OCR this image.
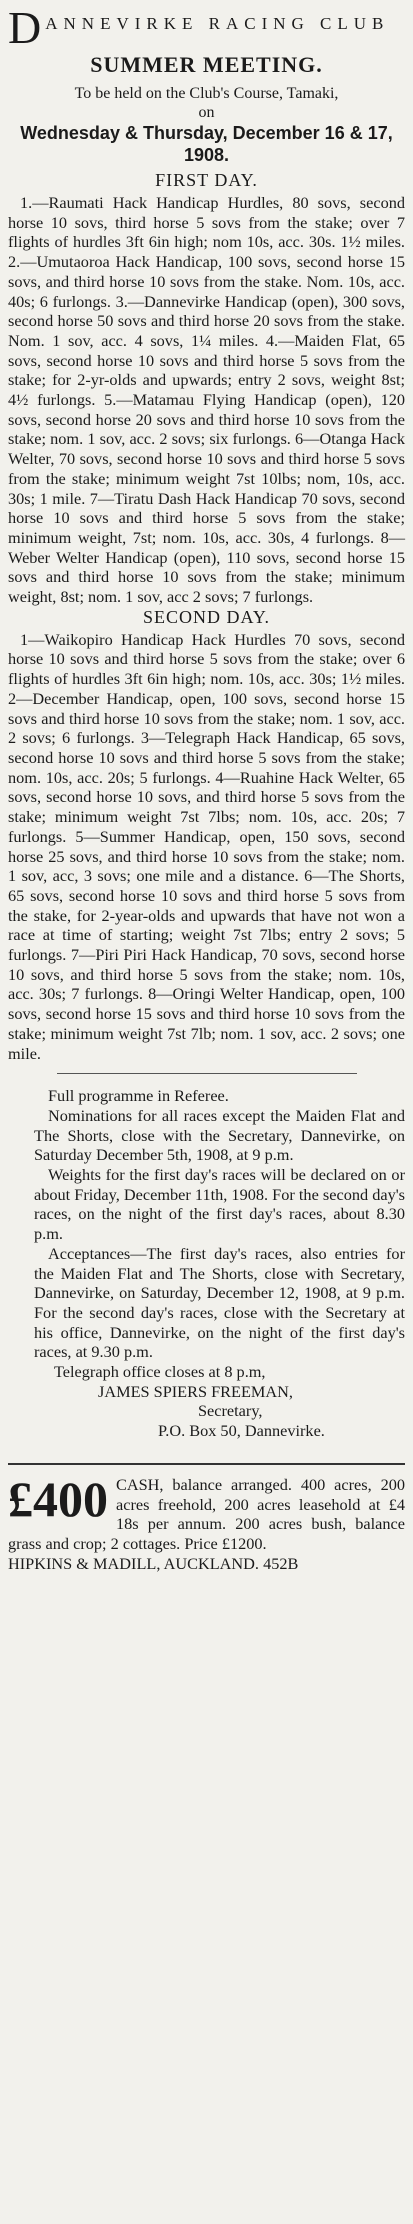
D ANNEVIRKE RACING CLUB
SUMMER MEETING.
To be held on the Club's Course, Tamaki,
on
Wednesday & Thursday, December 16 & 17, 1908.
FIRST DAY.
1.—Raumati Hack Handicap Hurdles, 80 sovs, second horse 10 sovs, third horse 5 sovs from the stake; over 7 flights of hurdles 3ft 6in high; nom 10s, acc. 30s. 1½ miles. 2.—Umutaoroa Hack Handicap, 100 sovs, second horse 15 sovs, and third horse 10 sovs from the stake. Nom. 10s, acc. 40s; 6 furlongs. 3.—Dannevirke Handicap (open), 300 sovs, second horse 50 sovs and third horse 20 sovs from the stake. Nom. 1 sov, acc. 4 sovs, 1¼ miles. 4.—Maiden Flat, 65 sovs, second horse 10 sovs and third horse 5 sovs from the stake; for 2-yr-olds and upwards; entry 2 sovs, weight 8st; 4½ furlongs. 5.—Matamau Flying Handicap (open), 120 sovs, second horse 20 sovs and third horse 10 sovs from the stake; nom. 1 sov, acc. 2 sovs; six furlongs. 6—Otanga Hack Welter, 70 sovs, second horse 10 sovs and third horse 5 sovs from the stake; minimum weight 7st 10lbs; nom, 10s, acc. 30s; 1 mile. 7—Tiratu Dash Hack Handicap 70 sovs, second horse 10 sovs and third horse 5 sovs from the stake; minimum weight, 7st; nom. 10s, acc. 30s, 4 furlongs. 8—Weber Welter Handicap (open), 110 sovs, second horse 15 sovs and third horse 10 sovs from the stake; minimum weight, 8st; nom. 1 sov, acc 2 sovs; 7 furlongs.
SECOND DAY.
1—Waikopiro Handicap Hack Hurdles 70 sovs, second horse 10 sovs and third horse 5 sovs from the stake; over 6 flights of hurdles 3ft 6in high; nom. 10s, acc. 30s; 1½ miles. 2—December Handicap, open, 100 sovs, second horse 15 sovs and third horse 10 sovs from the stake; nom. 1 sov, acc. 2 sovs; 6 furlongs. 3—Telegraph Hack Handicap, 65 sovs, second horse 10 sovs and third horse 5 sovs from the stake; nom. 10s, acc. 20s; 5 furlongs. 4—Ruahine Hack Welter, 65 sovs, second horse 10 sovs, and third horse 5 sovs from the stake; minimum weight 7st 7lbs; nom. 10s, acc. 20s; 7 furlongs. 5—Summer Handicap, open, 150 sovs, second horse 25 sovs, and third horse 10 sovs from the stake; nom. 1 sov, acc, 3 sovs; one mile and a distance. 6—The Shorts, 65 sovs, second horse 10 sovs and third horse 5 sovs from the stake, for 2-year-olds and upwards that have not won a race at time of starting; weight 7st 7lbs; entry 2 sovs; 5 furlongs. 7—Piri Piri Hack Handicap, 70 sovs, second horse 10 sovs, and third horse 5 sovs from the stake; nom. 10s, acc. 30s; 7 furlongs. 8—Oringi Welter Handicap, open, 100 sovs, second horse 15 sovs and third horse 10 sovs from the stake; minimum weight 7st 7lb; nom. 1 sov, acc. 2 sovs; one mile.
Full programme in Referee.
Nominations for all races except the Maiden Flat and The Shorts, close with the Secretary, Dannevirke, on Saturday December 5th, 1908, at 9 p.m.
Weights for the first day's races will be declared on or about Friday, December 11th, 1908. For the second day's races, on the night of the first day's races, about 8.30 p.m.
Acceptances—The first day's races, also entries for the Maiden Flat and The Shorts, close with Secretary, Dannevirke, on Saturday, December 12, 1908, at 9 p.m. For the second day's races, close with the Secretary at his office, Dannevirke, on the night of the first day's races, at 9.30 p.m.
Telegraph office closes at 8 p.m,
JAMES SPIERS FREEMAN,
Secretary,
P.O. Box 50, Dannevirke.
£400 CASH, balance arranged. 400 acres, 200 acres freehold, 200 acres leasehold at £4 18s per annum. 200 acres bush, balance grass and crop; 2 cottages. Price £1200.
HIPKINS & MADILL, AUCKLAND. 452B
